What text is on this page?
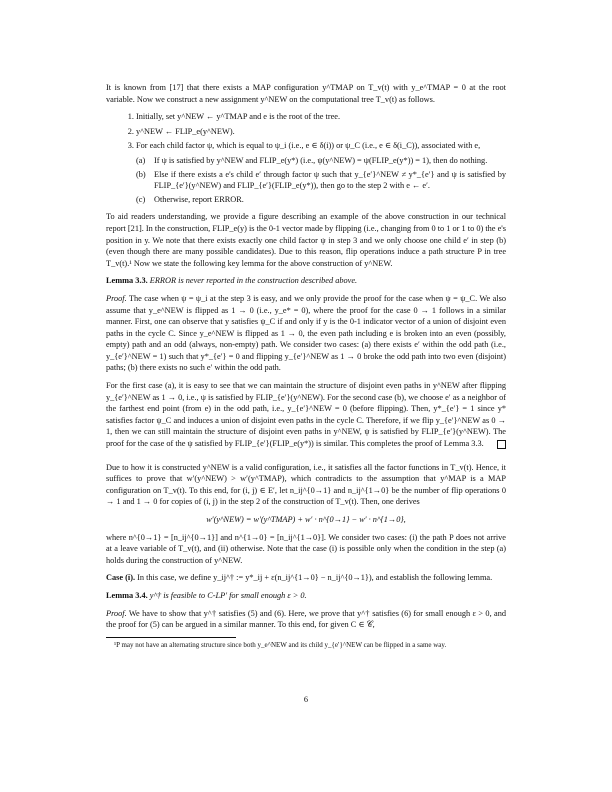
It is known from [17] that there exists a MAP configuration y^TMAP on T_v(t) with y_e^TMAP = 0 at the root variable. Now we construct a new assignment y^NEW on the computational tree T_v(t) as follows.

1. Initially, set y^NEW ← y^TMAP and e is the root of the tree.
2. y^NEW ← FLIP_e(y^NEW).
3. For each child factor ψ, which is equal to ψ_i (i.e., e ∈ δ(i)) or ψ_C (i.e., e ∈ δ(i_C)), associated with e,
(a) If ψ is satisfied by y^NEW and FLIP_e(y*) (i.e., ψ(y^NEW) = ψ(FLIP_e(y*)) = 1), then do nothing.
(b) Else if there exists a e's child e′ through factor ψ such that y_{e′}^NEW ≠ y*_{e′} and ψ is satisfied by FLIP_{e′}(y^NEW) and FLIP_{e′}(FLIP_e(y*)), then go to the step 2 with e ← e′.
(c) Otherwise, report ERROR.

To aid readers understanding, we provide a figure describing an example of the above construction in our technical report [21]. In the construction, FLIP_e(y) is the 0-1 vector made by flipping (i.e., changing from 0 to 1 or 1 to 0) the e's position in y. We note that there exists exactly one child factor ψ in step 3 and we only choose one child e′ in step (b) (even though there are many possible candidates). Due to this reason, flip operations induce a path structure P in tree T_v(t).¹ Now we state the following key lemma for the above construction of y^NEW.

Lemma 3.3. ERROR is never reported in the construction described above.

Proof. The case when ψ = ψ_i at the step 3 is easy, and we only provide the proof for the case when ψ = ψ_C. We also assume that y_e^NEW is flipped as 1 → 0 (i.e., y_e* = 0), where the proof for the case 0 → 1 follows in a similar manner. First, one can observe that y satisfies ψ_C if and only if y is the 0-1 indicator vector of a union of disjoint even paths in the cycle C. Since y_e^NEW is flipped as 1 → 0, the even path including e is broken into an even (possibly, empty) path and an odd (always, non-empty) path. We consider two cases: (a) there exists e′ within the odd path (i.e., y_{e′}^NEW = 1) such that y*_{e′} = 0 and flipping y_{e′}^NEW as 1 → 0 broke the odd path into two even (disjoint) paths; (b) there exists no such e′ within the odd path.

For the first case (a), it is easy to see that we can maintain the structure of disjoint even paths in y^NEW after flipping y_{e′}^NEW as 1 → 0, i.e., ψ is satisfied by FLIP_{e′}(y^NEW). For the second case (b), we choose e′ as a neighbor of the farthest end point (from e) in the odd path, i.e., y_{e′}^NEW = 0 (before flipping). Then, y*_{e′} = 1 since y* satisfies factor ψ_C and induces a union of disjoint even paths in the cycle C. Therefore, if we flip y_{e′}^NEW as 0 → 1, then we can still maintain the structure of disjoint even paths in y^NEW, ψ is satisfied by FLIP_{e′}(y^NEW). The proof for the case of the ψ satisfied by FLIP_{e′}(FLIP_e(y*)) is similar. This completes the proof of Lemma 3.3.

Due to how it is constructed y^NEW is a valid configuration, i.e., it satisfies all the factor functions in T_v(t). Hence, it suffices to prove that w′(y^NEW) > w′(y^TMAP), which contradicts to the assumption that y^MAP is a MAP configuration on T_v(t). To this end, for (i, j) ∈ E′, let n_ij^{0→1} and n_ij^{1→0} be the number of flip operations 0 → 1 and 1 → 0 for copies of (i, j) in the step 2 of the construction of T_v(t). Then, one derives

w′(y^NEW) = w′(y^TMAP) + w′ · n^{0→1} − w′ · n^{1→0},

where n^{0→1} = [n_ij^{0→1}] and n^{1→0} = [n_ij^{1→0}]. We consider two cases: (i) the path P does not arrive at a leave variable of T_v(t), and (ii) otherwise. Note that the case (i) is possible only when the condition in the step (a) holds during the construction of y^NEW.

Case (i). In this case, we define y_ij^† := y*_ij + ε(n_ij^{1→0} − n_ij^{0→1}), and establish the following lemma.

Lemma 3.4. y^† is feasible to C-LP′ for small enough ε > 0.

Proof. We have to show that y^† satisfies (5) and (6). Here, we prove that y^† satisfies (6) for small enough ε > 0, and the proof for (5) can be argued in a similar manner. To this end, for given C ∈ 𝒞,

¹P may not have an alternating structure since both y_e^NEW and its child y_{e′}^NEW can be flipped in a same way.
6
